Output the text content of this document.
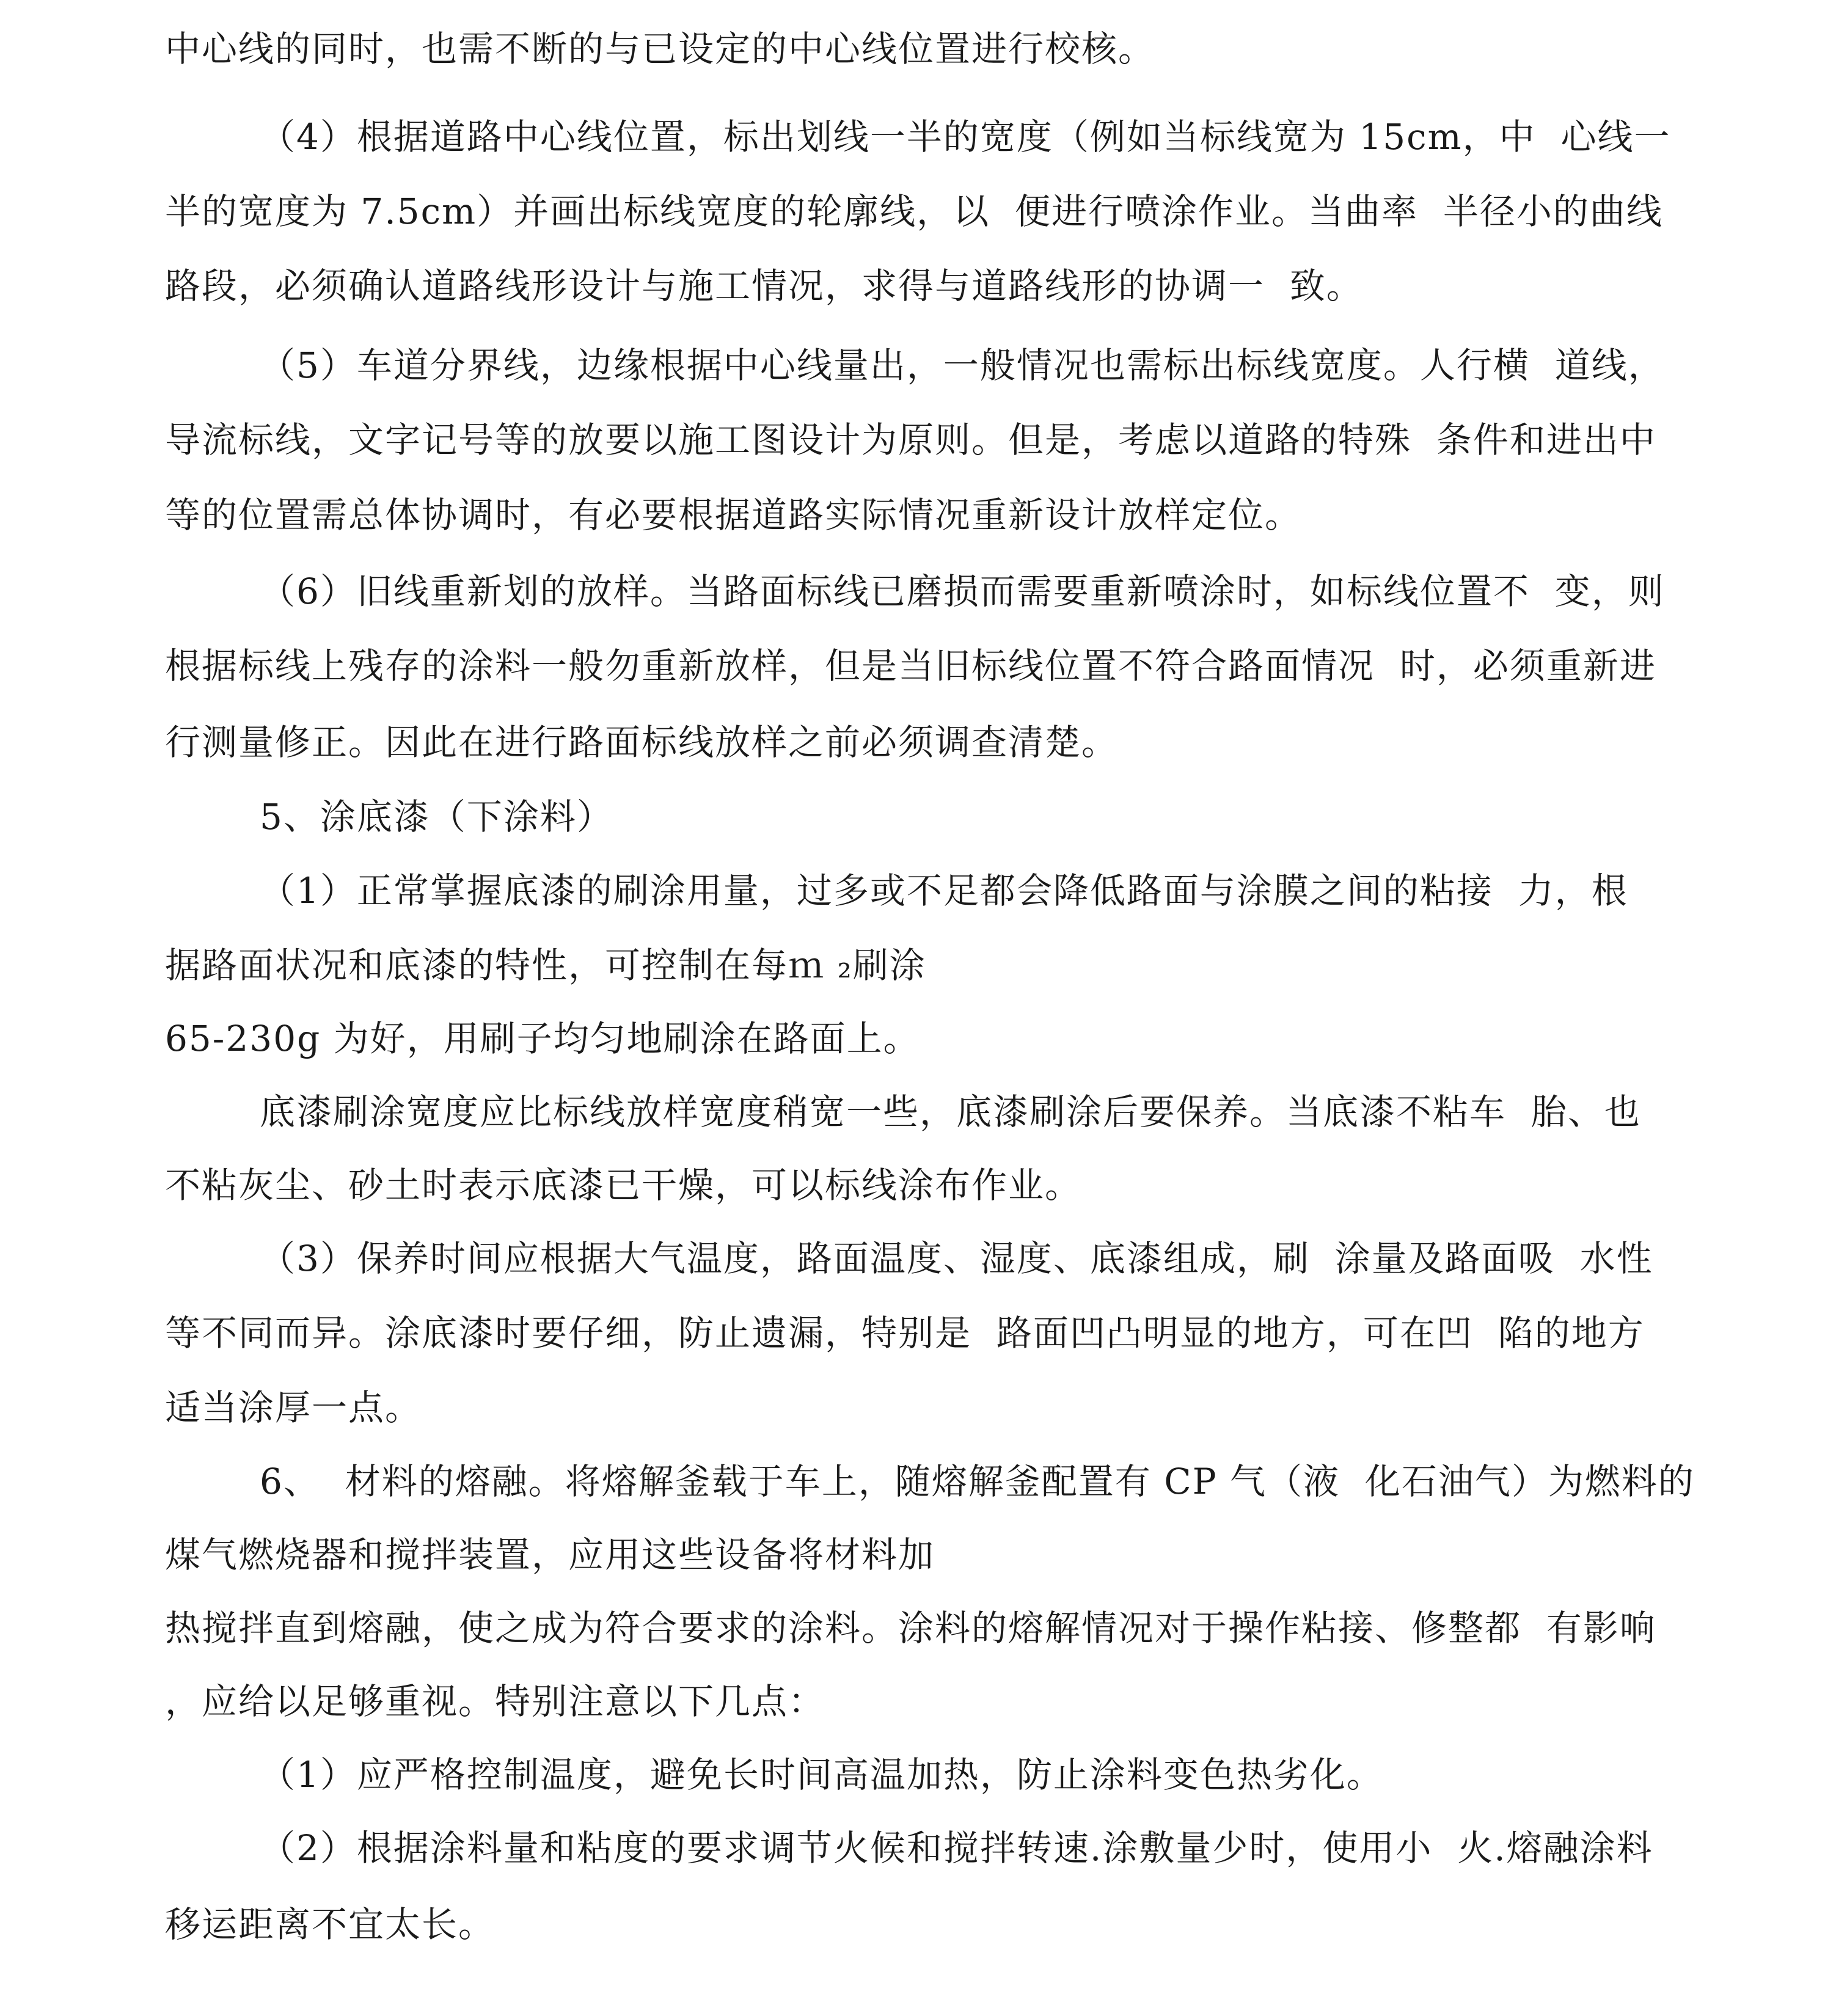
中心线的同时，也需不断的与已设定的中心线位置进行校核。
（4）根据道路中心线位置，标出划线一半的宽度（例如当标线宽为 15cm，中  心线一
半的宽度为 7.5cm）并画出标线宽度的轮廓线，以  便进行喷涂作业。当曲率  半径小的曲线
路段，必须确认道路线形设计与施工情况，求得与道路线形的协调一  致。
（5）车道分界线，边缘根据中心线量出，一般情况也需标出标线宽度。人行横  道线，
导流标线，文字记号等的放要以施工图设计为原则。但是，考虑以道路的特殊  条件和进出中
等的位置需总体协调时，有必要根据道路实际情况重新设计放样定位。
（6）旧线重新划的放样。当路面标线已磨损而需要重新喷涂时，如标线位置不  变，则
根据标线上残存的涂料一般勿重新放样，但是当旧标线位置不符合路面情况  时，必须重新进
行测量修正。因此在进行路面标线放样之前必须调查清楚。
5、涂底漆（下涂料）
（1）正常掌握底漆的刷涂用量，过多或不足都会降低路面与涂膜之间的粘接  力，根
据路面状况和底漆的特性，可控制在每ｍ ₂刷涂
65-230g 为好，用刷子均匀地刷涂在路面上。
底漆刷涂宽度应比标线放样宽度稍宽一些，底漆刷涂后要保养。当底漆不粘车  胎、也
不粘灰尘、砂土时表示底漆已干燥，可以标线涂布作业。
（3）保养时间应根据大气温度，路面温度、湿度、底漆组成，刷  涂量及路面吸  水性
等不同而异。涂底漆时要仔细，防止遗漏，特别是  路面凹凸明显的地方，可在凹  陷的地方
适当涂厚一点。
6、  材料的熔融。将熔解釜载于车上，随熔解釜配置有 CP 气（液  化石油气）为燃料的
煤气燃烧器和搅拌装置，应用这些设备将材料加
热搅拌直到熔融，使之成为符合要求的涂料。涂料的熔解情况对于操作粘接、修整都  有影响
，应给以足够重视。特别注意以下几点：
（1）应严格控制温度，避免长时间高温加热，防止涂料变色热劣化。
（2）根据涂料量和粘度的要求调节火候和搅拌转速.涂敷量少时，使用小  火.熔融涂料
移运距离不宜太长。
